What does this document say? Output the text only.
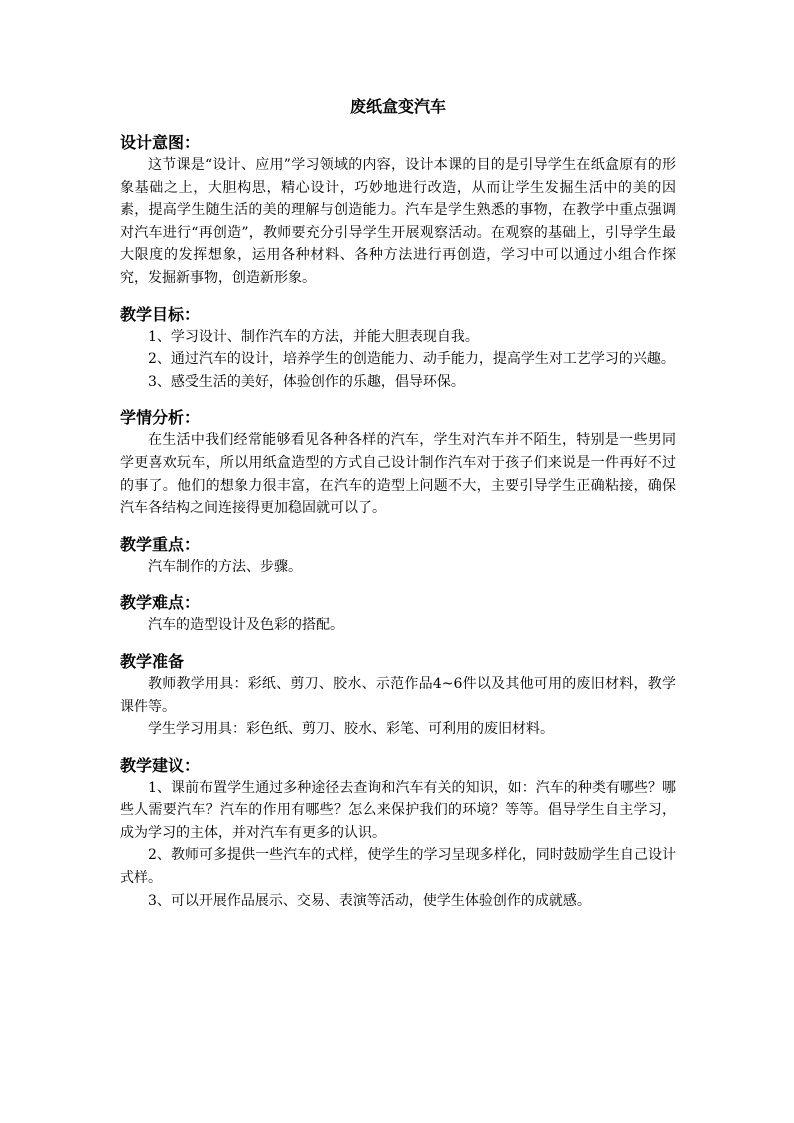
废纸盒变汽车
设计意图：

这节课是“设计、应用”学习领域的内容，设计本课的目的是引导学生在纸盒原有的形象基础之上，大胆构思，精心设计，巧妙地进行改造，从而让学生发掘生活中的美的因素，提高学生随生活的美的理解与创造能力。汽车是学生熟悉的事物，在教学中重点强调对汽车进行“再创造”，教师要充分引导学生开展观察活动。在观察的基础上，引导学生最大限度的发挥想象，运用各种材料、各种方法进行再创造，学习中可以通过小组合作探究，发掘新事物，创造新形象。

教学目标：

1、学习设计、制作汽车的方法，并能大胆表现自我。

2、通过汽车的设计，培养学生的创造能力、动手能力，提高学生对工艺学习的兴趣。

3、感受生活的美好，体验创作的乐趣，倡导环保。

学情分析：

在生活中我们经常能够看见各种各样的汽车，学生对汽车并不陌生，特别是一些男同学更喜欢玩车，所以用纸盒造型的方式自己设计制作汽车对于孩子们来说是一件再好不过的事了。他们的想象力很丰富，在汽车的造型上问题不大，主要引导学生正确粘接，确保汽车各结构之间连接得更加稳固就可以了。

教学重点：

汽车制作的方法、步骤。

教学难点：

汽车的造型设计及色彩的搭配。

教学准备

教师教学用具：彩纸、剪刀、胶水、示范作品4~6件以及其他可用的废旧材料，教学课件等。

学生学习用具：彩色纸、剪刀、胶水、彩笔、可利用的废旧材料。

教学建议：

1、课前布置学生通过多种途径去查询和汽车有关的知识，如：汽车的种类有哪些？哪些人需要汽车？汽车的作用有哪些？怎么来保护我们的环境？等等。倡导学生自主学习，成为学习的主体，并对汽车有更多的认识。

2、教师可多提供一些汽车的式样，使学生的学习呈现多样化，同时鼓励学生自己设计式样。

3、可以开展作品展示、交易、表演等活动，使学生体验创作的成就感。
